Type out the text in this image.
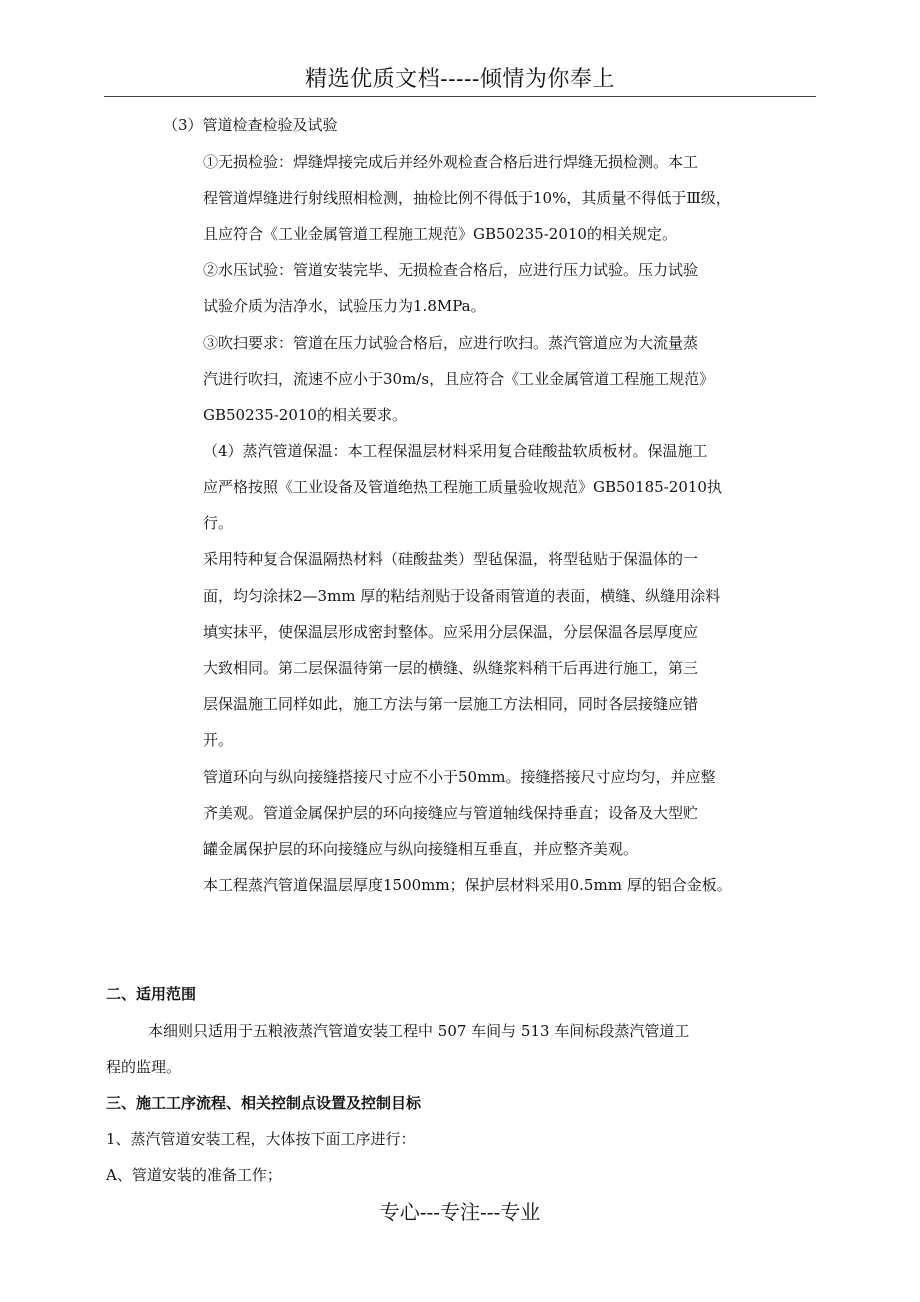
精选优质文档-----倾情为你奉上
（3）管道检查检验及试验
①无损检验：焊缝焊接完成后并经外观检查合格后进行焊缝无损检测。本工
程管道焊缝进行射线照相检测，抽检比例不得低于10%，其质量不得低于Ⅲ级，
且应符合《工业金属管道工程施工规范》GB50235-2010的相关规定。
②水压试验：管道安装完毕、无损检查合格后，应进行压力试验。压力试验
试验介质为洁净水，试验压力为1.8MPa。
③吹扫要求：管道在压力试验合格后，应进行吹扫。蒸汽管道应为大流量蒸
汽进行吹扫，流速不应小于30m/s，且应符合《工业金属管道工程施工规范》
GB50235-2010的相关要求。
（4）蒸汽管道保温：本工程保温层材料采用复合硅酸盐软质板材。保温施工
应严格按照《工业设备及管道绝热工程施工质量验收规范》GB50185-2010执
行。
采用特种复合保温隔热材料（硅酸盐类）型毡保温，将型毡贴于保温体的一
面，均匀涂抹2—3mm 厚的粘结剂贴于设备雨管道的表面，横缝、纵缝用涂料
填实抹平，使保温层形成密封整体。应采用分层保温，分层保温各层厚度应
大致相同。第二层保温待第一层的横缝、纵缝浆料稍干后再进行施工，第三
层保温施工同样如此，施工方法与第一层施工方法相同，同时各层接缝应错
开。
管道环向与纵向接缝搭接尺寸应不小于50mm。接缝搭接尺寸应均匀，并应整
齐美观。管道金属保护层的环向接缝应与管道轴线保持垂直；设备及大型贮
罐金属保护层的环向接缝应与纵向接缝相互垂直，并应整齐美观。
本工程蒸汽管道保温层厚度1500mm；保护层材料采用0.5mm 厚的铝合金板。
二、适用范围
本细则只适用于五粮液蒸汽管道安装工程中 507 车间与 513 车间标段蒸汽管道工
程的监理。
三、施工工序流程、相关控制点设置及控制目标
1、蒸汽管道安装工程，大体按下面工序进行：
A、管道安装的准备工作；
专心---专注---专业
